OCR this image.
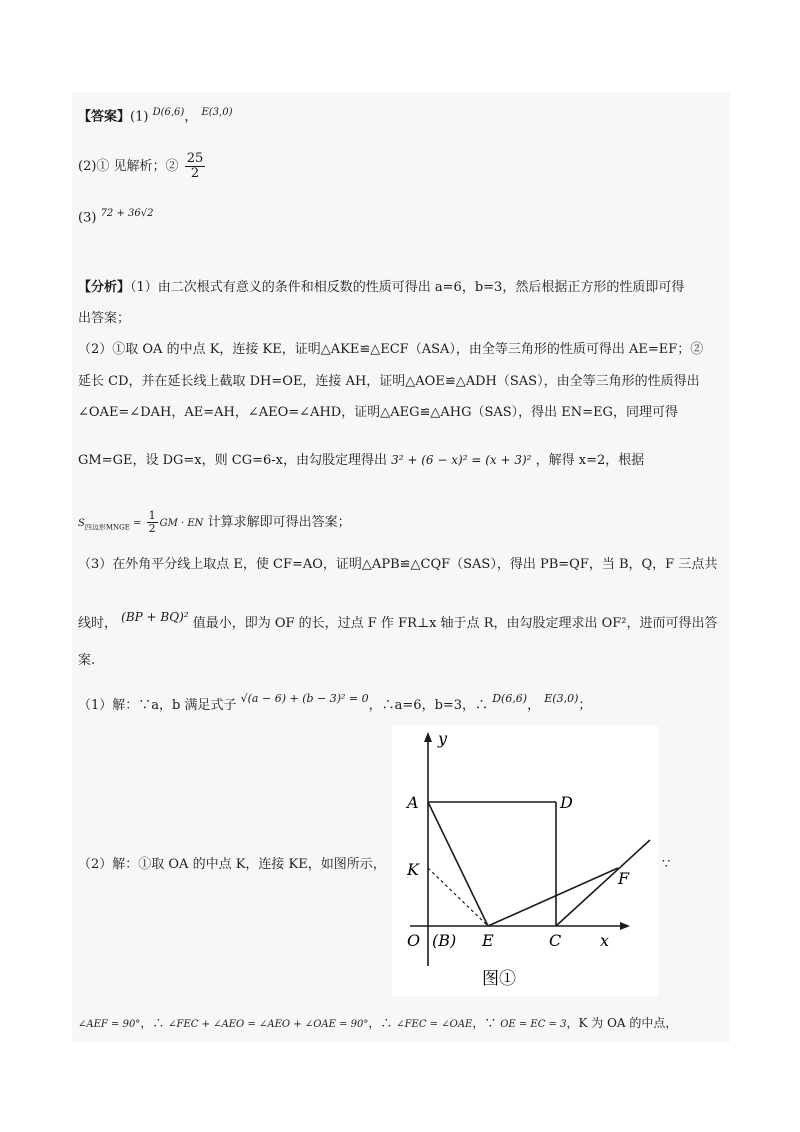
【答案】(1) $^{D(6,6)}$， $^{E(3,0)}$
(2)① 见解析；② $\frac{25}{2}$
(3) $^{72 + 36√2}$
【分析】（1）由二次根式有意义的条件和相反数的性质可得出 a=6，b=3，然后根据正方形的性质即可得
出答案；
（2）①取 OA 的中点 K，连接 KE，证明△AKE≌△ECF（ASA），由全等三角形的性质可得出 AE=EF；②
延长 CD，并在延长线上截取 DH=OE，连接 AH，证明△AOE≌△ADH（SAS），由全等三角形的性质得出
∠OAE=∠DAH，AE=AH，∠AEO=∠AHD，证明△AEG≌△AHG（SAS），得出 EN=EG，同理可得
GM=GE，设 DG=x，则 CG=6-x，由勾股定理得出 3² + (6 − x)² = (x + 3)² ，解得 x=2，根据
$S_{四边形MNGE} = \frac{1}{2}$ GM · EN 计算求解即可得出答案；
（3）在外角平分线上取点 E，使 CF=AO，证明△APB≌△CQF（SAS），得出 PB=QF，当 B，Q，F 三点共
线时， (BP + BQ)² 值最小，即为 OF 的长，过点 F 作 FR⊥x 轴于点 R，由勾股定理求出 OF²，进而可得出答
案.
（1）解：∵a，b 满足式子 $^{√(a - 6) + (b - 3)^2 = 0}$，∴a=6，b=3，∴ $^{D(6,6)}$， $^{E(3,0)}$；
（2）解：①取 OA 的中点 K，连接 KE，如图所示，	∵
y
x
A	D
K	F
O (B) E	C
图①
∠AEF = 90°，∴ ∠FEC + ∠AEO = ∠AEO + ∠OAE = 90°，∴ ∠FEC = ∠OAE，∵ OE = EC = 3，K 为 OA 的中点，
